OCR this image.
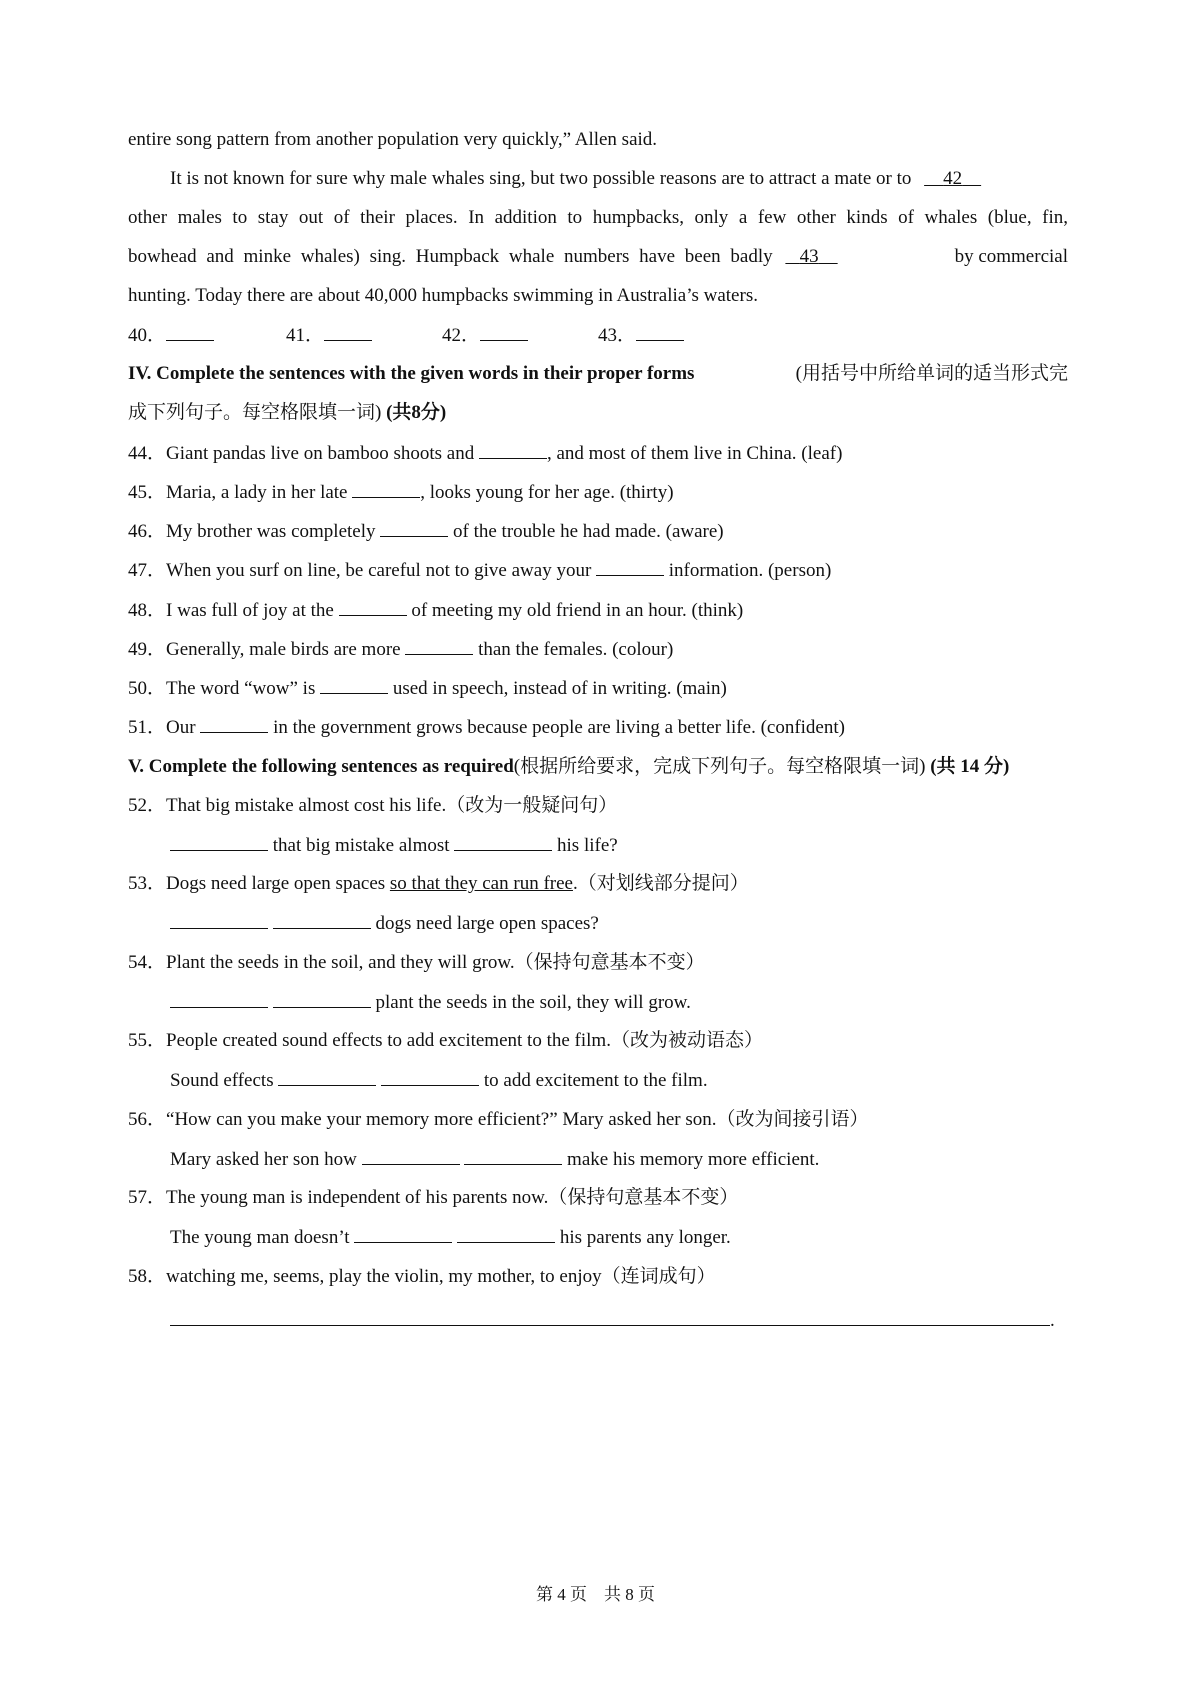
entire song pattern from another population very quickly,” Allen said.
It is not known for sure why male whales sing, but two possible reasons are to attract a mate or to 42
other males to stay out of their places. In addition to humpbacks, only a few other kinds of whales (blue, fin,
bowhead and minke whales) sing. Humpback whale numbers have been badly 43	by commercial
hunting. Today there are about 40,000 humpbacks swimming in Australia’s waters.
40．	41．	42．	43．
IV. Complete the sentences with the given words in their proper forms	(用括号中所给单词的适当形式完
成下列句子。每空格限填一词) (共8分)
44．Giant pandas live on bamboo shoots and	, and most of them live in China. (leaf)
45．Maria, a lady in her late	, looks young for her age. (thirty)
46．My brother was completely	of the trouble he had made. (aware)
47．When you surf on line, be careful not to give away your	information. (person)
48．I was full of joy at the	of meeting my old friend in an hour. (think)
49．Generally, male birds are more	than the females. (colour)
50．The word “wow” is	used in speech, instead of in writing. (main)
51．Our	in the government grows because people are living a better life. (confident)
V. Complete the following sentences as required(根据所给要求，完成下列句子。每空格限填一词) (共 14 分)
52．That big mistake almost cost his life.（改为一般疑问句）
that big mistake almost	his life?
53．Dogs need large open spaces so that they can run free.（对划线部分提问）
dogs need large open spaces?
54．Plant the seeds in the soil, and they will grow.（保持句意基本不变）
plant the seeds in the soil, they will grow.
55．People created sound effects to add excitement to the film.（改为被动语态）
Sound effects	to add excitement to the film.
56．“How can you make your memory more efficient?” Mary asked her son.（改为间接引语）
Mary asked her son how	make his memory more efficient.
57．The young man is independent of his parents now.（保持句意基本不变）
The young man doesn’t	his parents any longer.
58．watching me, seems, play the violin, my mother, to enjoy（连词成句）
.
第 4 页　共 8 页
